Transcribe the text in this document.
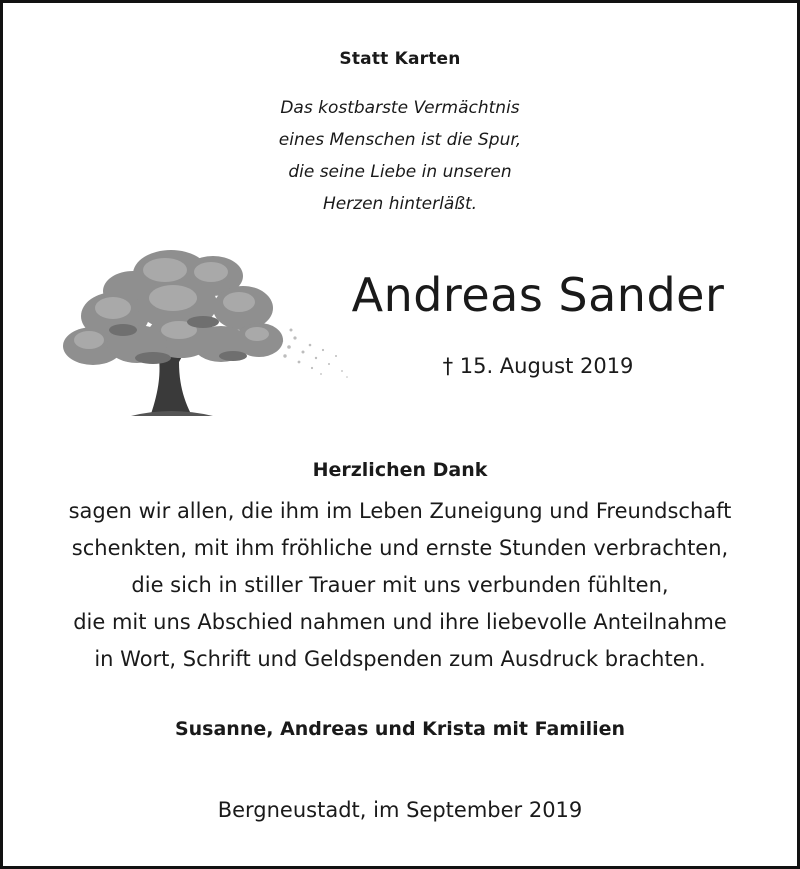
Statt Karten
Das kostbarste Vermächtnis
eines Menschen ist die Spur,
die seine Liebe in unseren
Herzen hinterläßt.
Andreas Sander
† 15. August 2019
Herzlichen Dank
sagen wir allen, die ihm im Leben Zuneigung und Freundschaft
schenkten, mit ihm fröhliche und ernste Stunden verbrachten,
die sich in stiller Trauer mit uns verbunden fühlten,
die mit uns Abschied nahmen und ihre liebevolle Anteilnahme
in Wort, Schrift und Geldspenden zum Ausdruck brachten.
Susanne, Andreas und Krista mit Familien
Bergneustadt, im September 2019
